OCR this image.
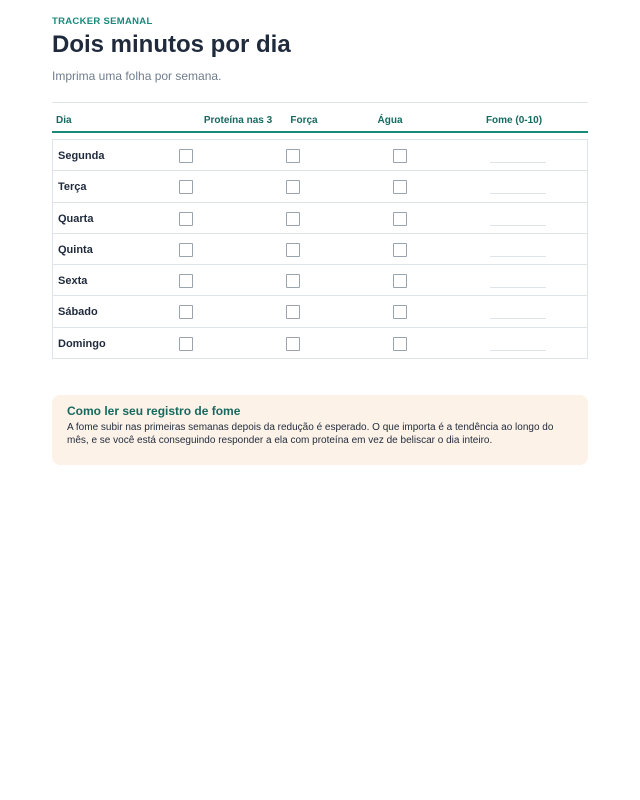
TRACKER SEMANAL
Dois minutos por dia
Imprima uma folha por semana.
Dia	Proteína nas 3	Força	Água	Fome (0-10)
Segunda
Terça
Quarta
Quinta
Sexta
Sábado
Domingo
Como ler seu registro de fome
A fome subir nas primeiras semanas depois da redução é esperado. O que importa é a tendência ao longo do mês, e se você está conseguindo responder a ela com proteína em vez de beliscar o dia inteiro.
